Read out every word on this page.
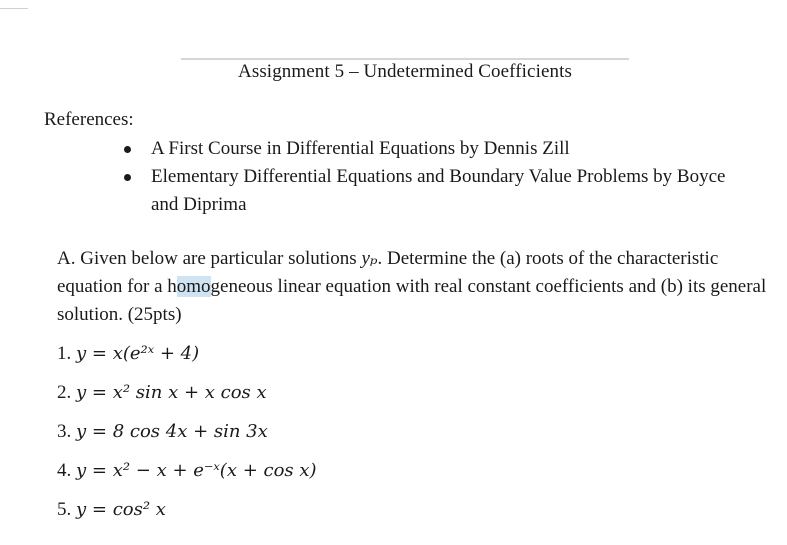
Assignment 5 – Undetermined Coefficients
References:
A First Course in Differential Equations by Dennis Zill
Elementary Differential Equations and Boundary Value Problems by Boyce and Diprima
A. Given below are particular solutions yₚ. Determine the (a) roots of the characteristic equation for a homogeneous linear equation with real constant coefficients and (b) its general solution. (25pts)
1. y = x(e²ˣ + 4)
2. y = x² sin x + x cos x
3. y = 8 cos 4x + sin 3x
4. y = x² − x + e⁻ˣ(x + cos x)
5. y = cos² x
